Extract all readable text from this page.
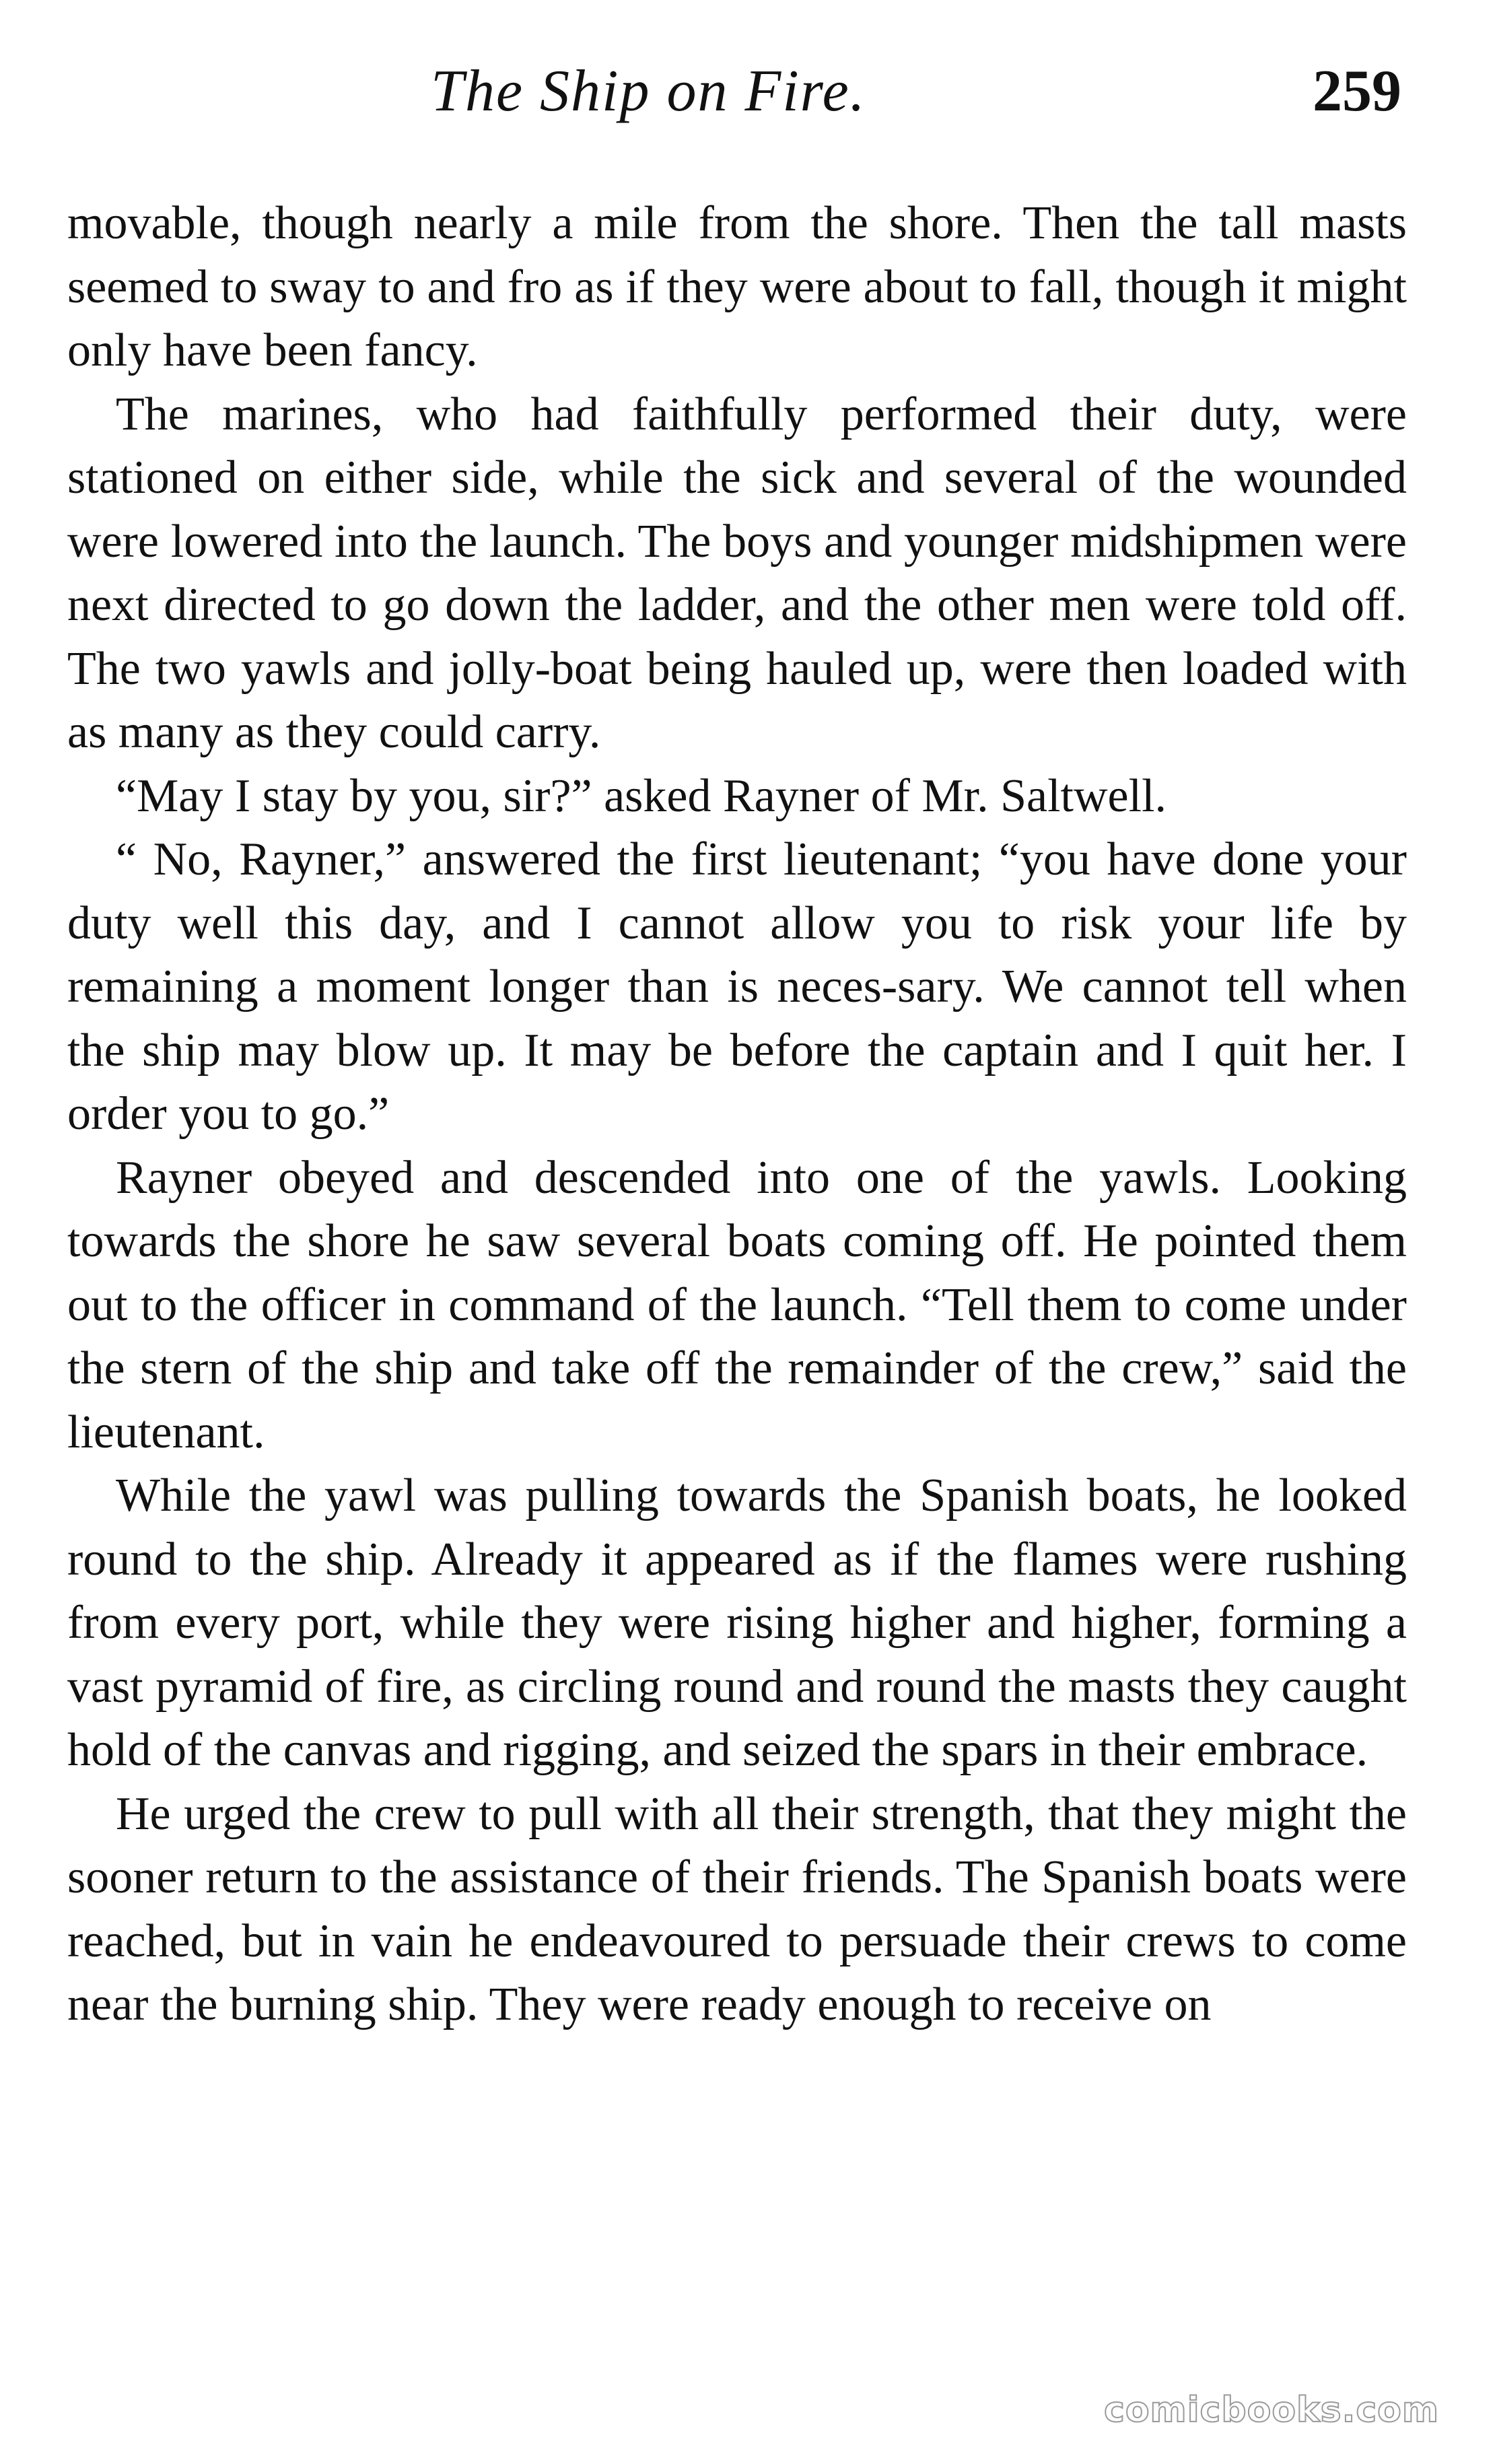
The Ship on Fire.	259

movable, though nearly a mile from the shore. Then the tall masts seemed to sway to and fro as if they were about to fall, though it might only have been fancy.

The marines, who had faithfully performed their duty, were stationed on either side, while the sick and several of the wounded were lowered into the launch. The boys and younger midshipmen were next directed to go down the ladder, and the other men were told off. The two yawls and jolly-boat being hauled up, were then loaded with as many as they could carry.

“May I stay by you, sir?” asked Rayner of Mr. Saltwell.

“ No, Rayner,” answered the first lieutenant; “you have done your duty well this day, and I cannot allow you to risk your life by remaining a moment longer than is neces-sary. We cannot tell when the ship may blow up. It may be before the captain and I quit her. I order you to go.”

Rayner obeyed and descended into one of the yawls. Looking towards the shore he saw several boats coming off. He pointed them out to the officer in command of the launch. “Tell them to come under the stern of the ship and take off the remainder of the crew,” said the lieutenant.

While the yawl was pulling towards the Spanish boats, he looked round to the ship. Already it appeared as if the flames were rushing from every port, while they were rising higher and higher, forming a vast pyramid of fire, as circling round and round the masts they caught hold of the canvas and rigging, and seized the spars in their embrace.

He urged the crew to pull with all their strength, that they might the sooner return to the assistance of their friends. The Spanish boats were reached, but in vain he endeavoured to persuade their crews to come near the burning ship. They were ready enough to receive on

comicbooks.com
